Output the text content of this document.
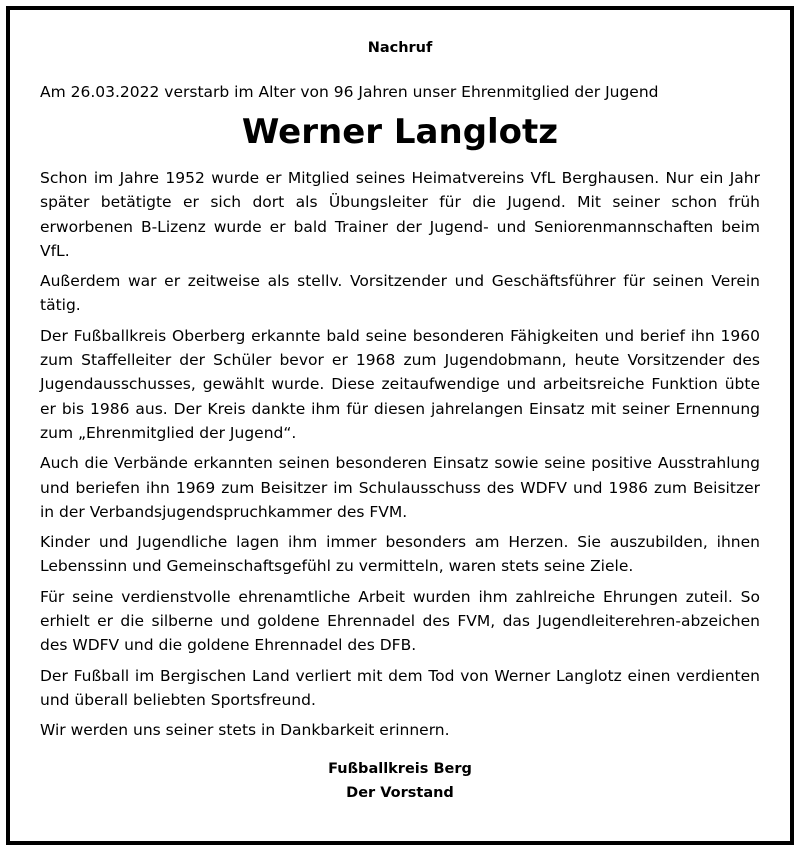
Nachruf

Am 26.03.2022 verstarb im Alter von 96 Jahren unser Ehrenmitglied der Jugend

Werner Langlotz

Schon im Jahre 1952 wurde er Mitglied seines Heimatvereins VfL Berghausen. Nur ein Jahr später betätigte er sich dort als Übungsleiter für die Jugend. Mit seiner schon früh erworbenen B-Lizenz wurde er bald Trainer der Jugend- und Seniorenmannschaften beim VfL.

Außerdem war er zeitweise als stellv. Vorsitzender und Geschäftsführer für seinen Verein tätig.

Der Fußballkreis Oberberg erkannte bald seine besonderen Fähigkeiten und berief ihn 1960 zum Staffelleiter der Schüler bevor er 1968 zum Jugendobmann, heute Vorsitzender des Jugendausschusses, gewählt wurde. Diese zeitaufwendige und arbeitsreiche Funktion übte er bis 1986 aus. Der Kreis dankte ihm für diesen jahrelangen Einsatz mit seiner Ernennung zum „Ehrenmitglied der Jugend“.

Auch die Verbände erkannten seinen besonderen Einsatz sowie seine positive Ausstrahlung und beriefen ihn 1969 zum Beisitzer im Schulausschuss des WDFV und 1986 zum Beisitzer in der Verbandsjugendspruchkammer des FVM.

Kinder und Jugendliche lagen ihm immer besonders am Herzen. Sie auszubilden, ihnen Lebenssinn und Gemeinschaftsgefühl zu vermitteln, waren stets seine Ziele.

Für seine verdienstvolle ehrenamtliche Arbeit wurden ihm zahlreiche Ehrungen zuteil. So erhielt er die silberne und goldene Ehrennadel des FVM, das Jugendleiterehren-abzeichen des WDFV und die goldene Ehrennadel des DFB.

Der Fußball im Bergischen Land verliert mit dem Tod von Werner Langlotz einen verdienten und überall beliebten Sportsfreund.

Wir werden uns seiner stets in Dankbarkeit erinnern.

Fußballkreis Berg
Der Vorstand
